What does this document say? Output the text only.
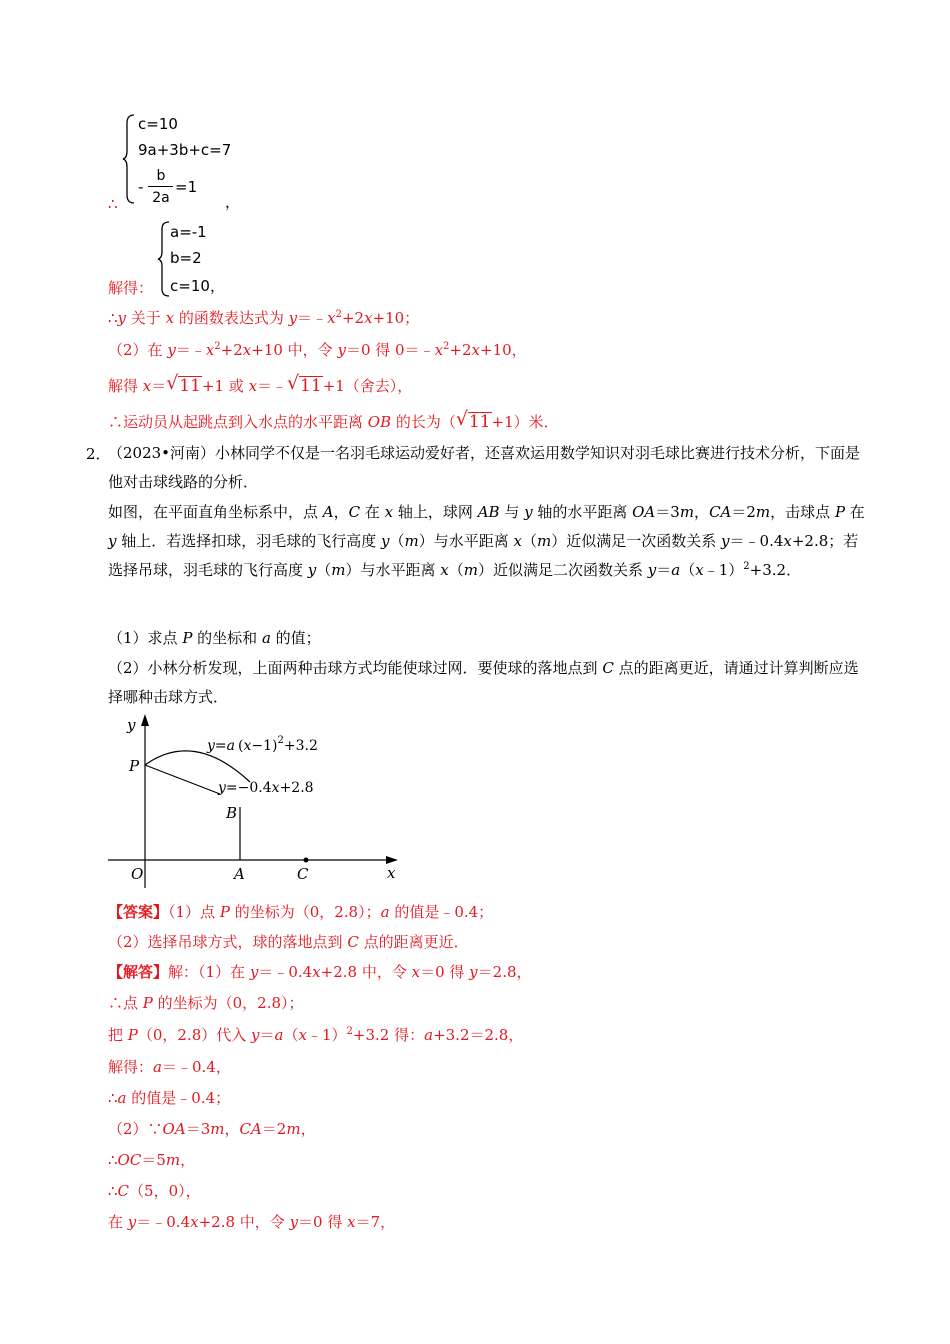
c=10
9a+3b+c=7
-
b
2a
=1
∴	，
解得：
a=-1
b=2
c=10 ，
∴y 关于 x 的函数表达式为 $y=﹣x^2+2x+10$；
（2）在 $y=﹣x^2+2x+10$ 中，令 y＝0 得 $0=﹣x^2+2x+10$，
解得 x＝ √ 11+1 或 x＝﹣ √ 11+1（舍去），
∴运动员从起跳点到入水点的水平距离 OB 的长为（ √ 11+1）米．
2．
（2023•河南）小林同学不仅是一名羽毛球运动爱好者，还喜欢运用数学知识对羽毛球比赛进行技术分析，下面是他对击球线路的分析．
如图，在平面直角坐标系中，点 A，C 在 x 轴上，球网 AB 与 y 轴的水平距离 OA＝3m，CA＝2m，击球点 P 在 y 轴上．若选择扣球，羽毛球的飞行高度 y（m）与水平距离 x（m）近似满足一次函数关系 y＝﹣0.4x+2.8；若选择吊球，羽毛球的飞行高度 y（m）与水平距离 x（m）近似满足二次函数关系 y＝a（x﹣1）$^2$+3.2．
（1）求点 P 的坐标和 a 的值；
（2）小林分析发现，上面两种击球方式均能使球过网．要使球的落地点到 C 点的距离更近，请通过计算判断应选择哪种击球方式．
y
x
O
P
A
B
C
y=a $(x-1)^2+3.2$
y=−0.4x+2.8
【答案】（1）点 P 的坐标为（0，2.8）；a 的值是﹣0.4；
（2）选择吊球方式，球的落地点到 C 点的距离更近．
【解答】解：（1）在 y＝﹣0.4x+2.8 中，令 x＝0 得 y＝2.8，
∴点 P 的坐标为（0，2.8）；
把 P（0，2.8）代入 y＝a（x﹣1）$^2$+3.2 得：a+3.2＝2.8，
解得：a＝﹣0.4，
∴a 的值是﹣0.4；
（2）∵OA＝3m，CA＝2m，
∴OC＝5m，
∴C（5，0），
在 y＝﹣0.4x+2.8 中，令 y＝0 得 x＝7，
